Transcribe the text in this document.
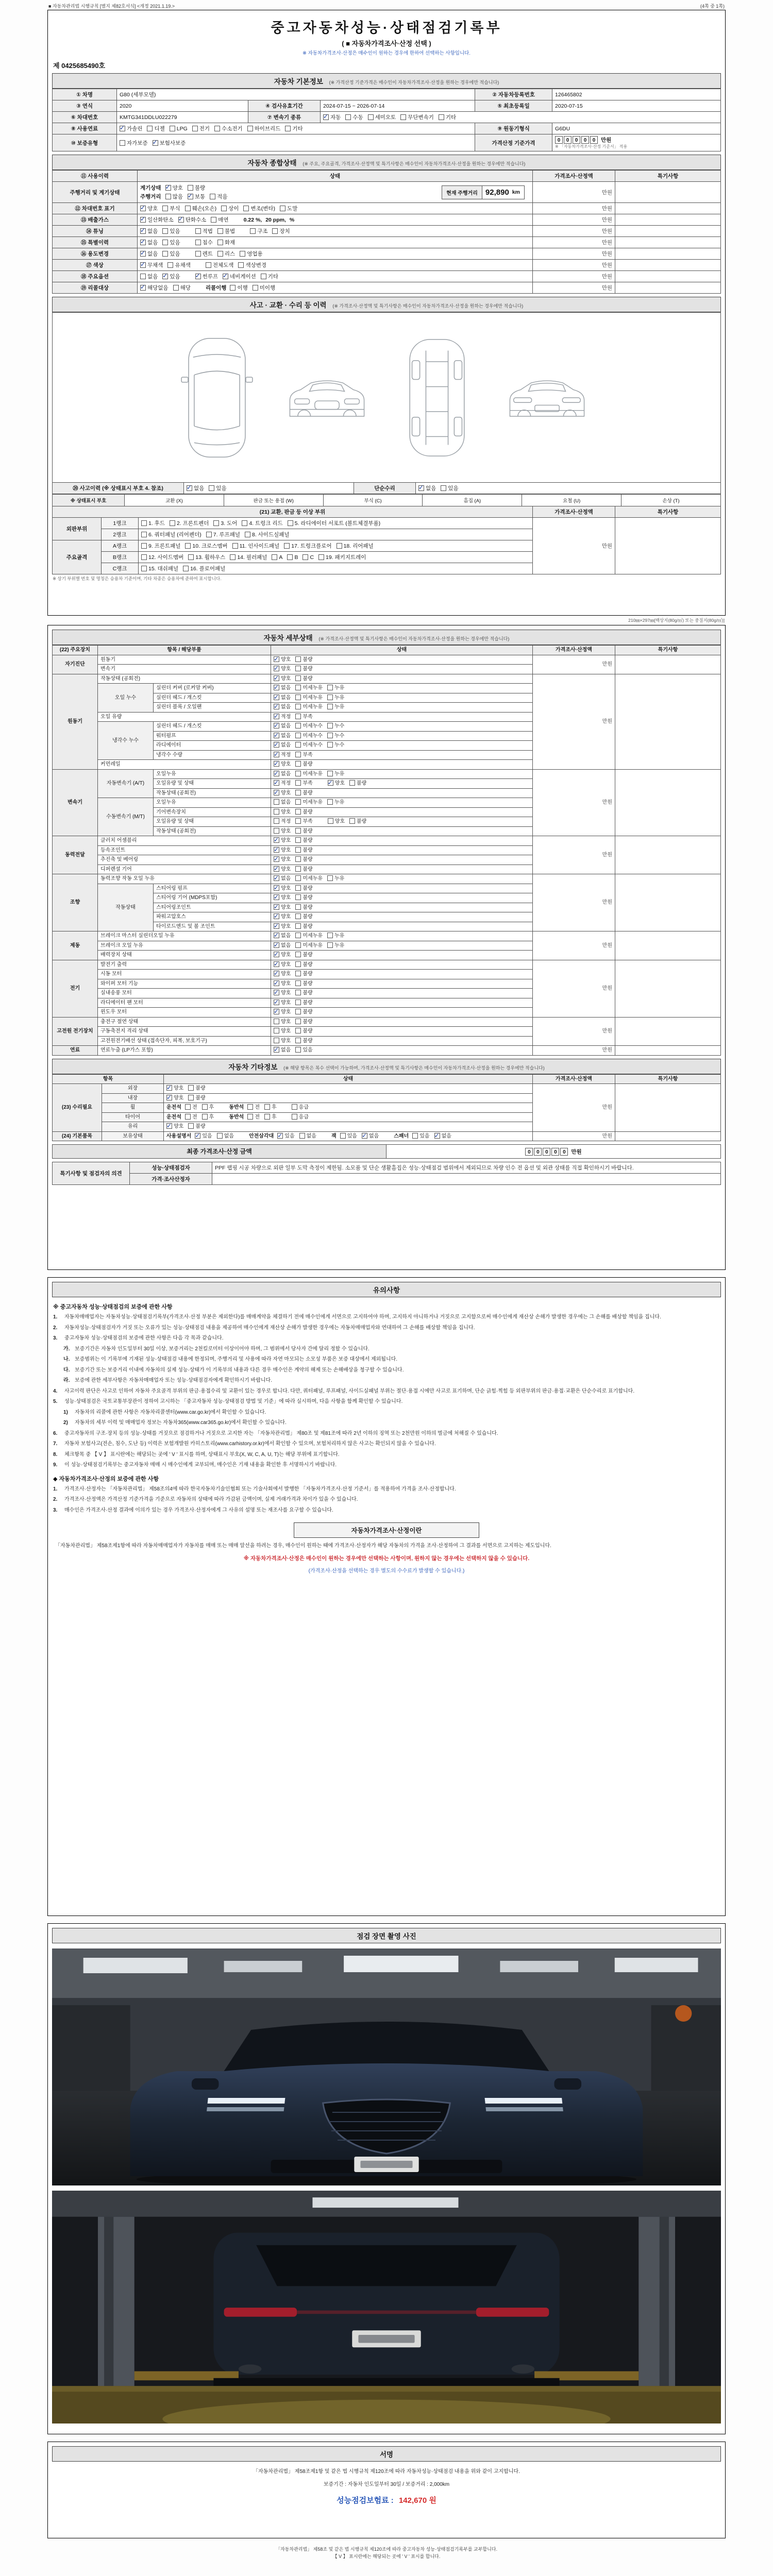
■ 자동차관리법 시행규칙 [별지 제82호서식] <개정 2021.1.19.>	(4쪽 중 1쪽)
중고자동차성능·상태점검기록부
( ■ 자동차가격조사·산정 선택 )
※ 자동차가격조사·산정은 매수인이 원하는 경우에 한하여 선택하는 사항입니다.
제 0425685490호
자동차 기본정보 (※ 가격산정 기준가격은 매수인이 자동차가격조사·산정을 원하는 경우에만 적습니다)
① 차명	G80 (세부모델)			② 자동차등록번호	126465802
③ 연식	2020	④ 검사유효기간	2024-07-15 ~ 2026-07-14	⑤ 최초등록일	2020-07-15
⑥ 차대번호	KMTG341DDLU022279	⑦ 변속기 종류	✓자동 수동 세미오토 무단변속기 기타
⑧ 사용연료	✓가솔린 디젤 LPG 전기 수소전기 하이브리드 기타			⑨ 원동기형식	G6DU
⑩ 보증유형	자가보증 ✓ 보험사보증			가격산정 기준가격	0 0 0 0 0 만원
※ 「자동차가격조사·산정 기준서」 적용
자동차 종합상태 (※ 주요, 주요골격, 가격조사·산정액 및 특기사항은 매수인이 자동차가격조사·산정을 원하는 경우에만 적습니다)
⑪ 사용이력	상태	가격조사·산정액	특기사항
주행거리 및 계기상태	계기상태 ✓ 양호 불량
주행거리 많음 ✓ 보통 적음
현재 주행거리 92,890 km	만원	
⑫ 차대번호 표기	✓양호 부식 훼손(오손) 상이 변조(변타) 도말	만원	
⑬ 배출가스	✓일산화탄소 ✓ 탄화수소 매연 0.22 %, 20 ppm, %	만원	
⑭ 튜닝	✓없음 있음 적법 불법 구조 장치	만원	
⑮ 특별이력	✓없음 있음 침수 화재	만원	
⑯ 용도변경	✓없음 있음 렌트 리스 영업용	만원	
⑰ 색상	✓무채색 유채색 전체도색 색상변경	만원	
⑱ 주요옵션	없음 ✓ 있음 ✓ 썬루프 ✓ 네비게이션 기타	만원	
⑲ 리콜대상	✓해당없음 해당 리콜이행 이행 미이행	만원	
사고 · 교환 · 수리 등 이력 (※ 가격조사·산정액 및 특기사항은 매수인이 자동차가격조사·산정을 원하는 경우에만 적습니다)
⑳ 사고이력 (※ 상태표시 부호 4. 참조)	✓없음 있음	단순수리	✓없음 있음
※ 상태표시 부호	교환 (X)	판금 또는 용접 (W)	부식 (C)	흠집 (A)	요철 (U)	손상 (T)
(21) 교환, 판금 등 이상 부위			가격조사·산정액	특기사항
외판부위	1랭크	1. 후드 2. 프론트펜더 3. 도어 4. 트렁크 리드 5. 라디에이터 서포트 (볼트체결부품)	만원	
	2랭크	6. 쿼터패널 (리어펜더) 7. 루프패널 8. 사이드실패널		
주요골격	A랭크	9. 프론트패널 10. 크로스멤버 11. 인사이드패널 17. 트렁크플로어 18. 리어패널		
	B랭크	12. 사이드멤버 13. 휠하우스 14. 필러패널 A B C 19. 패키지트레이		
	C랭크	15. 대쉬패널 16. 플로어패널		
※ 상기 부위별 번호 및 명칭은 승용차 기준이며, 기타 차종은 승용차에 준하여 표시합니다.
210㎜×297㎜[백상지(80g/㎡) 또는 중질지(80g/㎡)]
자동차 세부상태 (※ 가격조사·산정액 및 특기사항은 매수인이 자동차가격조사·산정을 원하는 경우에만 적습니다)
(22) 주요장치	항목 / 해당부품		상태	가격조사·산정액	특기사항
자기진단	원동기	✓양호 불량	만원	
	변속기	✓양호 불량
원동기	작동상태 (공회전)	✓양호 불량	만원	
	오일 누수	실린더 커버 (로커암 커버)	✓없음 미세누유 누유
		실린더 헤드 / 개스킷	✓없음 미세누유 누유
		실린더 블록 / 오일팬	✓없음 미세누유 누유
	오일 유량	✓적정 부족
	냉각수 누수	실린더 헤드 / 개스킷	✓없음 미세누수 누수
		워터펌프	✓없음 미세누수 누수
		라디에이터	✓없음 미세누수 누수
		냉각수 수량	✓적정 부족
	커먼레일	✓양호 불량
변속기	자동변속기 (A/T)	오일누유	✓없음 미세누유 누유	만원	
		오일유량 및 상태	✓적정 부족 ✓ 양호 불량
		작동상태 (공회전)	✓양호 불량
	수동변속기 (M/T)	오일누유	없음 미세누유 누유		
		기어변속장치	양호 불량		
		오일유량 및 상태	적정 부족 양호 불량		
		작동상태 (공회전)	양호 불량		
동력전달	클러치 어셈블리	✓양호 불량	만원	
	등속조인트	✓양호 불량
	추진축 및 베어링	✓양호 불량
	디퍼렌셜 기어	✓양호 불량
조향	동력조향 작동 오일 누유	✓없음 미세누유 누유	만원	
	작동상태	스티어링 펌프	✓양호 불량
		스티어링 기어 (MDPS포함)	✓양호 불량
		스티어링조인트	✓양호 불량
		파워고압호스	✓양호 불량
		타이로드엔드 및 볼 조인트	✓양호 불량
제동	브레이크 마스터 실린더오일 누유	✓없음 미세누유 누유	만원	
	브레이크 오일 누유	✓없음 미세누유 누유
	배력장치 상태	✓양호 불량
전기	발전기 출력	✓양호 불량	만원	
	시동 모터	✓양호 불량
	와이퍼 모터 기능	✓양호 불량
	실내송풍 모터	✓양호 불량
	라디에이터 팬 모터	✓양호 불량
	윈도우 모터	✓양호 불량
고전원 전기장치	충전구 절연 상태		양호 불량	만원	
	구동축전지 격리 상태		양호 불량		
	고전원전기배선 상태 (접속단자, 피복, 보호기구)		양호 불량		
연료	연료누출 (LP가스 포함)	✓없음 있음	만원	
자동차 기타정보 (※ 해당 항목은 복수 선택이 가능하며, 가격조사·산정액 및 특기사항은 매수인이 자동차가격조사·산정을 원하는 경우에만 적습니다)
항목		상태	가격조사·산정액	특기사항
(23) 수리필요	외장	✓양호 불량	만원	
	내장	✓양호 불량
	휠	운전석 전 후 동반석 전 후 응급		
	타이어	운전석 전 후 동반석 전 후 응급		
	유리	✓양호 불량
(24) 기본품목	보유상태	사용설명서 ✓ 있음 없음 안전삼각대 ✓ 있음 없음 잭 있음 ✓ 없음 스패너 있음 ✓ 없음	만원	
최종 가격조사·산정 금액	0 0 0 0 0	만원
특기사항 및 점검자의 의견	성능·상태점검자	PPF 랩핑 시공 차량으로 외판 일부 도막 측정이 제한됨. 소모품 및 단순 생활흠집은 성능·상태점검 범위에서 제외되므로 차량 인수 전 옵션 및 외관 상태를 직접 확인하시기 바랍니다.
	가격·조사산정자	
유의사항
※ 중고자동차 성능·상태점검의 보증에 관한 사항
1.	자동차매매업자는 자동차성능·상태점검기록부(가격조사·산정 부분은 제외한다)를 매매계약을 체결하기 전에 매수인에게 서면으로 고지하여야 하며, 고지하지 아니하거나 거짓으로 고지함으로써 매수인에게 재산상 손해가 발생한 경우에는 그 손해를 배상할 책임을 집니다.
2.	자동차성능·상태점검자가 거짓 또는 오류가 있는 성능·상태점검 내용을 제공하여 매수인에게 재산상 손해가 발생한 경우에는 자동차매매업자와 연대하여 그 손해를 배상할 책임을 집니다.
3.	중고자동차 성능·상태점검의 보증에 관한 사항은 다음 각 목과 같습니다.
가. 보증기간은 자동차 인도일부터 30일 이상, 보증거리는 2천킬로미터 이상이어야 하며, 그 범위에서 당사자 간에 달리 정할 수 있습니다.
나. 보증범위는 이 기록부에 기재된 성능·상태점검 내용에 한정되며, 주행거리 및 사용에 따라 자연 마모되는 소모성 부품은 보증 대상에서 제외됩니다.
다. 보증기간 또는 보증거리 이내에 자동차의 실제 성능·상태가 이 기록부의 내용과 다른 경우 매수인은 계약의 해제 또는 손해배상을 청구할 수 있습니다.
라. 보증에 관한 세부사항은 자동차매매업자 또는 성능·상태점검자에게 확인하시기 바랍니다.
4.	사고이력 판단은 사고로 인하여 자동차 주요골격 부위의 판금·용접수리 및 교환이 있는 경우로 합니다. 다만, 쿼터패널, 루프패널, 사이드실패널 부위는 절단·용접 시에만 사고로 표기하며, 단순 긁힘·찍힘 등 외판부위의 판금·용접·교환은 단순수리로 표기합니다.
5.	성능·상태점검은 국토교통부장관이 정하여 고시하는 「중고자동차 성능·상태점검 방법 및 기준」에 따라 실시하며, 다음 사항을 함께 확인할 수 있습니다.
1)	자동차의 리콜에 관한 사항은 자동차리콜센터(www.car.go.kr)에서 확인할 수 있습니다.
2)	자동차의 세부 이력 및 매매업자 정보는 자동차365(www.car365.go.kr)에서 확인할 수 있습니다.
6.	중고자동차의 구조·장치 등의 성능·상태를 거짓으로 점검하거나 거짓으로 고지한 자는 「자동차관리법」 제80조 및 제81조에 따라 2년 이하의 징역 또는 2천만원 이하의 벌금에 처해질 수 있습니다.
7.	자동차 보험사고(전손, 침수, 도난 등) 이력은 보험개발원 카히스토리(www.carhistory.or.kr)에서 확인할 수 있으며, 보험처리하지 않은 사고는 확인되지 않을 수 있습니다.
8.	체크항목 중 【 V 】 표시란에는 해당되는 곳에 ' V ' 표시를 하며, 상태표시 부호(X, W, C, A, U, T)는 해당 부위에 표기합니다.
9.	이 성능·상태점검기록부는 중고자동차 매매 시 매수인에게 교부되며, 매수인은 기재 내용을 확인한 후 서명하시기 바랍니다.
◆ 자동차가격조사·산정의 보증에 관한 사항
1.	가격조사·산정자는 「자동차관리법」 제58조의4에 따라 한국자동차기술인협회 또는 기술사회에서 발행한 「자동차가격조사·산정 기준서」를 적용하여 가격을 조사·산정합니다.
2.	가격조사·산정액은 가격산정 기준가격을 기준으로 자동차의 상태에 따라 가감된 금액이며, 실제 거래가격과 차이가 있을 수 있습니다.
3.	매수인은 가격조사·산정 결과에 이의가 있는 경우 가격조사·산정자에게 그 사유의 설명 또는 재조사를 요구할 수 있습니다.
자동차가격조사·산정이란

「자동차관리법」 제58조제1항에 따라 자동차매매업자가 자동차를 매매 또는 매매 알선을 하려는 경우, 매수인이 원하는 때에 가격조사·산정자가 해당 자동차의 가격을 조사·산정하여 그 결과를 서면으로 고지하는 제도입니다.

※ 자동차가격조사·산정은 매수인이 원하는 경우에만 선택하는 사항이며, 원하지 않는 경우에는 선택하지 않을 수 있습니다.

(가격조사·산정을 선택하는 경우 별도의 수수료가 발생할 수 있습니다.)

점검 장면 촬영 사진
서명
「자동차관리법」 제58조제1항 및 같은 법 시행규칙 제120조에 따라 자동차성능·상태점검 내용을 위와 같이 고지합니다.
보증기간 : 자동차 인도일부터 30일 / 보증거리 : 2,000km
성능점검보험료 : 142,670 원
「자동차관리법」 제58조 및 같은 법 시행규칙 제120조에 따라 중고자동차 성능·상태점검기록부를 교부합니다.
【 V 】 표시란에는 해당되는 곳에 ' V ' 표시를 합니다.
